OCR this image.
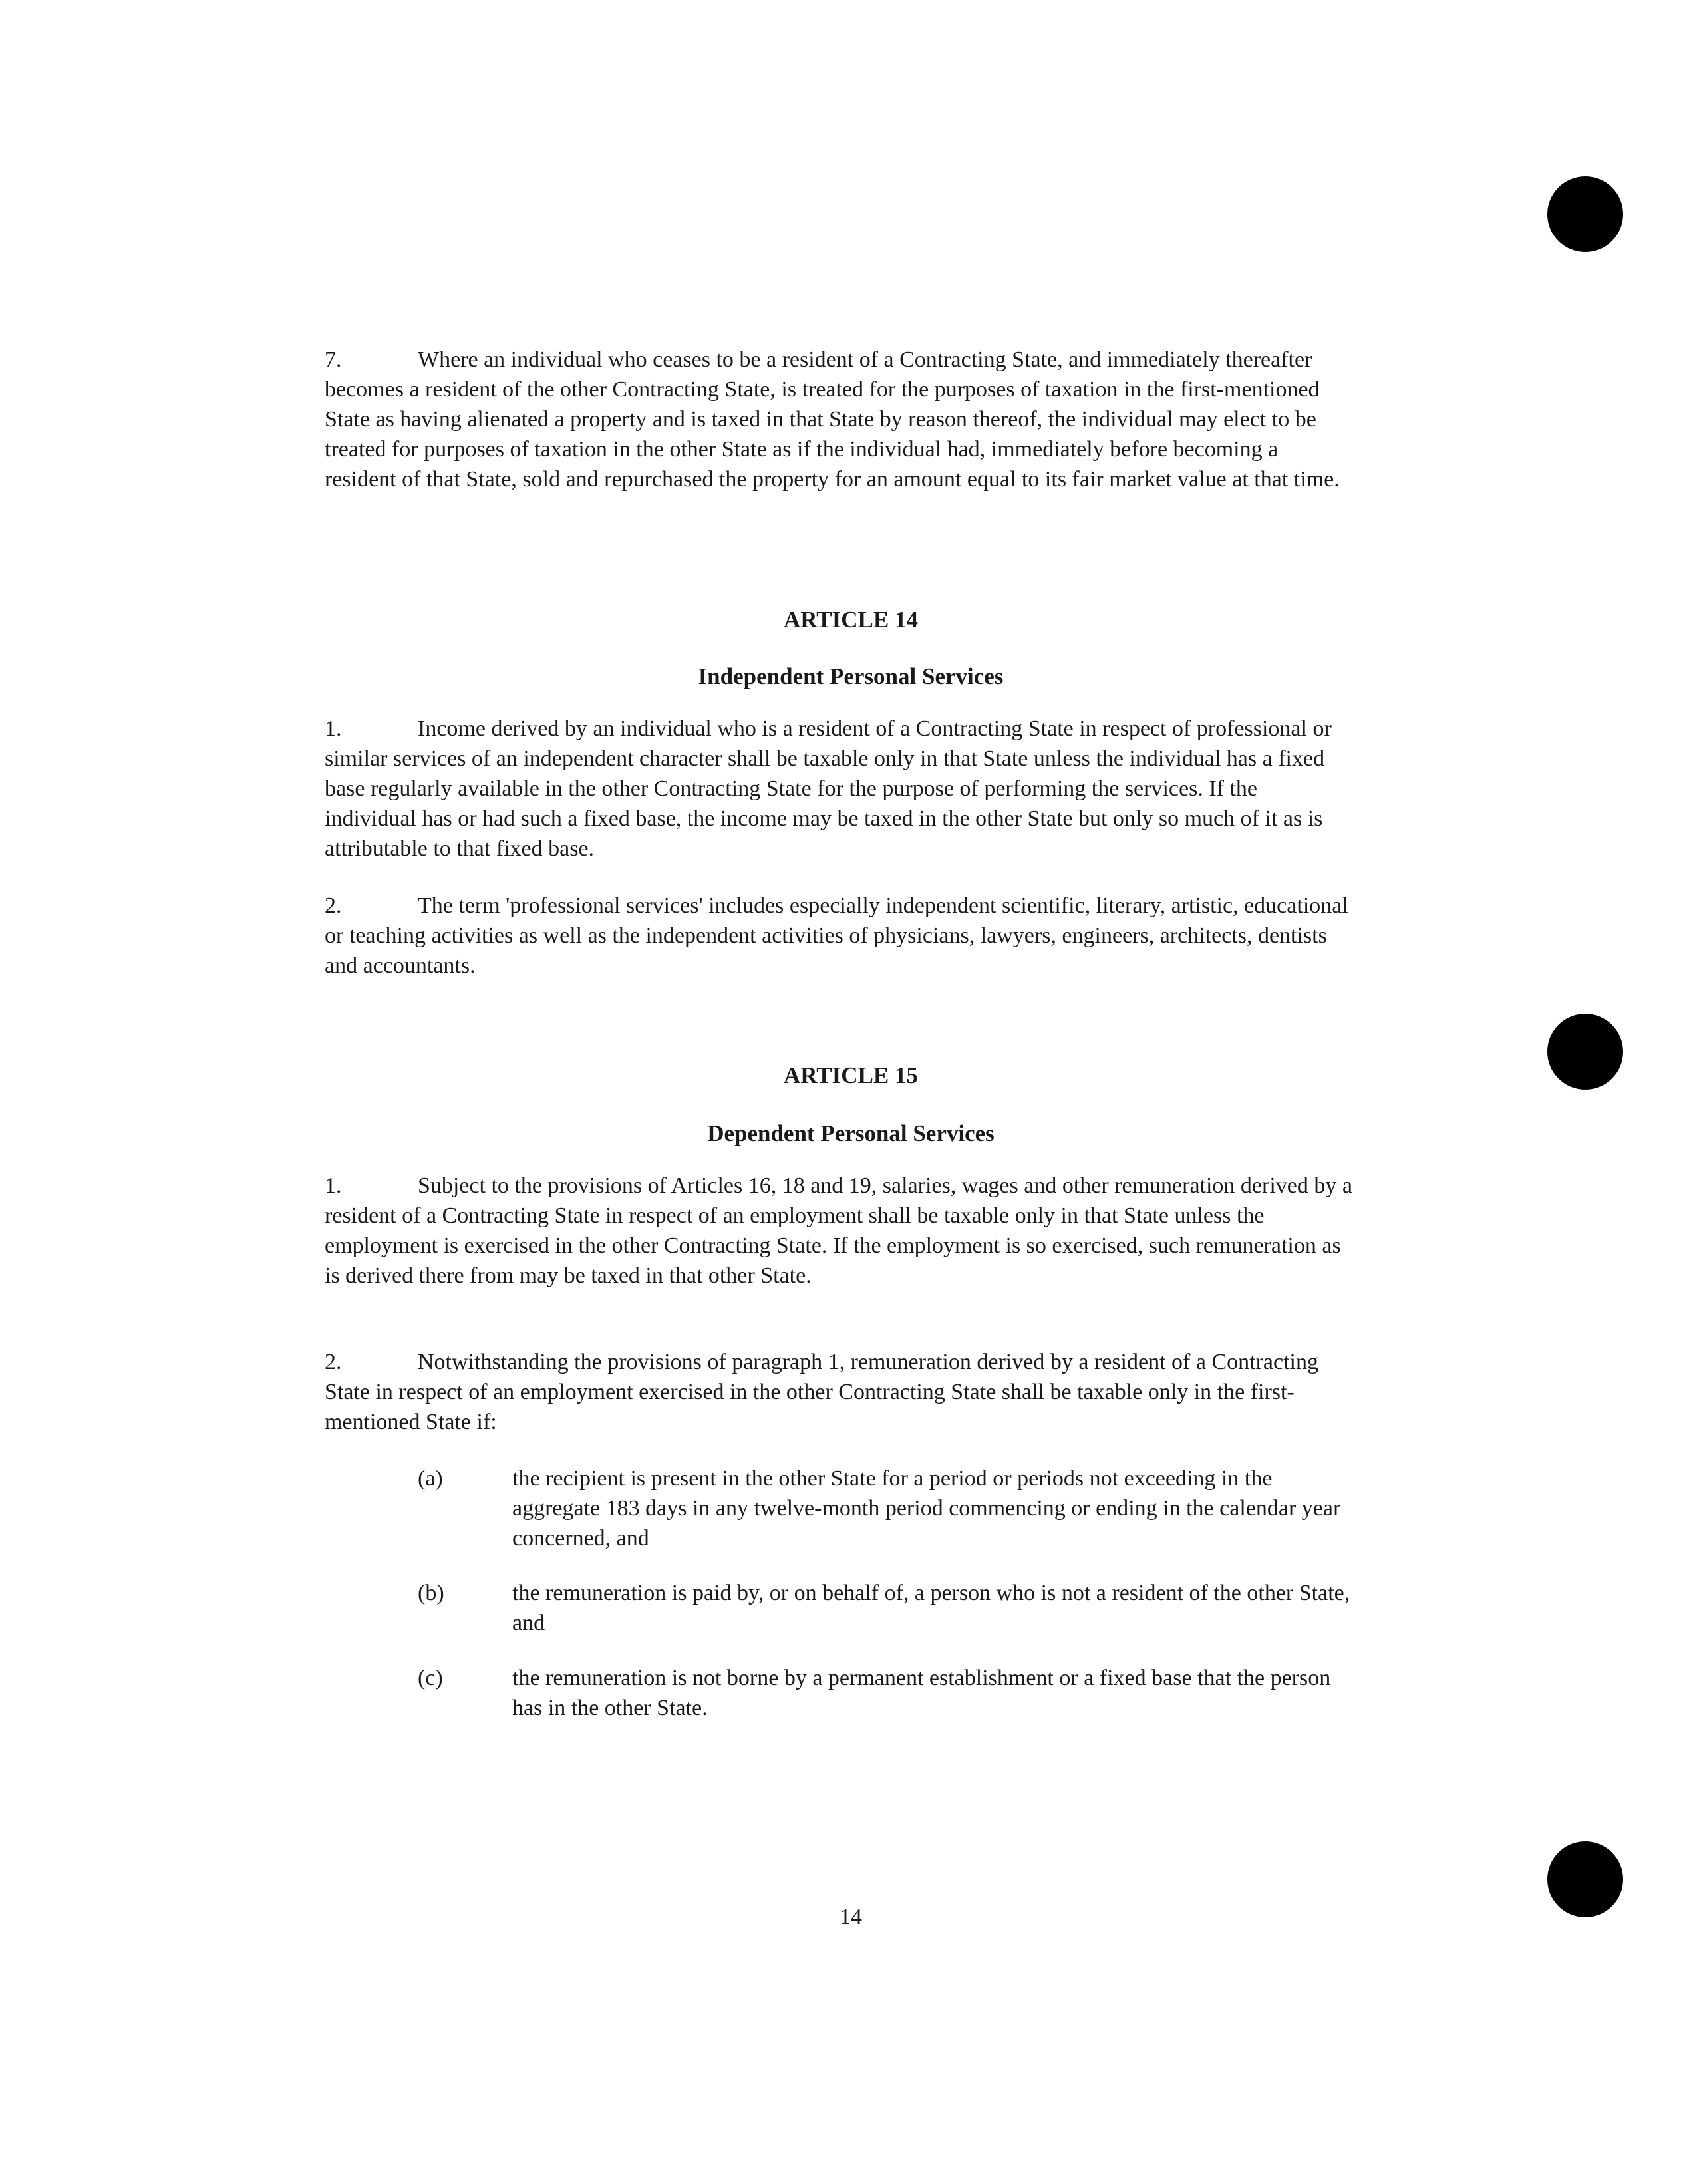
7.	Where an individual who ceases to be a resident of a Contracting State, and immediately thereafter becomes a resident of the other Contracting State, is treated for the purposes of taxation in the first-mentioned State as having alienated a property and is taxed in that State by reason thereof, the individual may elect to be treated for purposes of taxation in the other State as if the individual had, immediately before becoming a resident of that State, sold and repurchased the property for an amount equal to its fair market value at that time.

ARTICLE 14
Independent Personal Services

1.	Income derived by an individual who is a resident of a Contracting State in respect of professional or similar services of an independent character shall be taxable only in that State unless the individual has a fixed base regularly available in the other Contracting State for the purpose of performing the services. If the individual has or had such a fixed base, the income may be taxed in the other State but only so much of it as is attributable to that fixed base.

2.	The term 'professional services' includes especially independent scientific, literary, artistic, educational or teaching activities as well as the independent activities of physicians, lawyers, engineers, architects, dentists and accountants.

ARTICLE 15
Dependent Personal Services

1.	Subject to the provisions of Articles 16, 18 and 19, salaries, wages and other remuneration derived by a resident of a Contracting State in respect of an employment shall be taxable only in that State unless the employment is exercised in the other Contracting State. If the employment is so exercised, such remuneration as is derived there from may be taxed in that other State.

2.	Notwithstanding the provisions of paragraph 1, remuneration derived by a resident of a Contracting State in respect of an employment exercised in the other Contracting State shall be taxable only in the first-mentioned State if:

(a)	the recipient is present in the other State for a period or periods not exceeding in the aggregate 183 days in any twelve-month period commencing or ending in the calendar year concerned, and
(b)	the remuneration is paid by, or on behalf of, a person who is not a resident of the other State, and
(c)	the remuneration is not borne by a permanent establishment or a fixed base that the person has in the other State.
14
